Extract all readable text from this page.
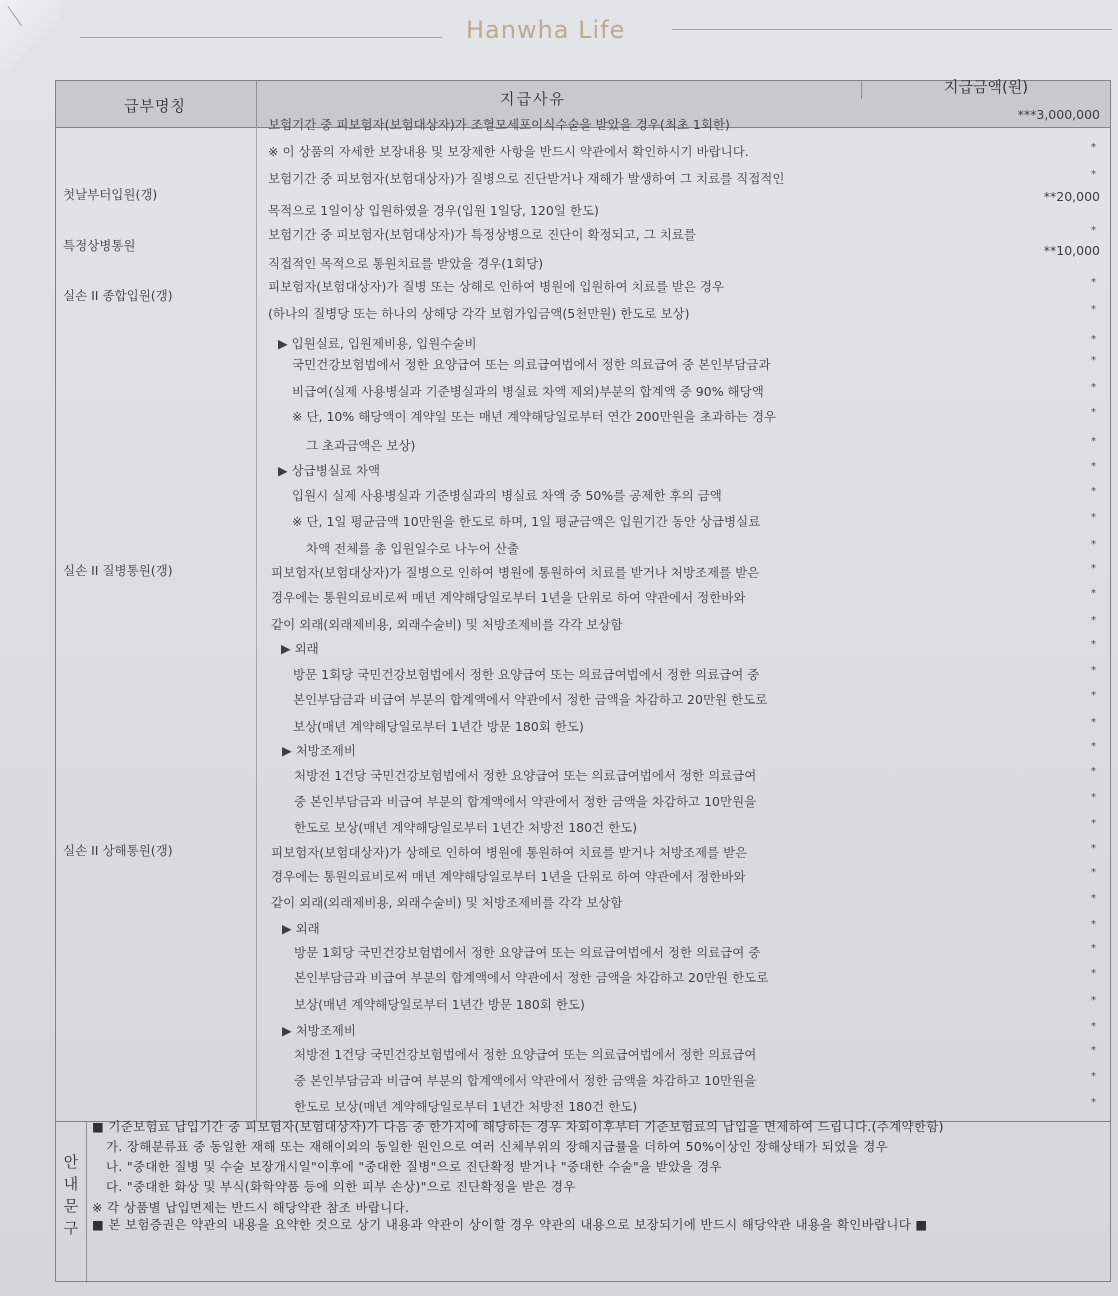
Hanwha Life
급부명칭	지급사유
지급금액(원)
첫날부터입원(갱)
특정상병통원
실손 II 종합입원(갱)
실손 II 질병통원(갱)
실손 II 상해통원(갱)
***3,000,000
**20,000
**10,000
보험기간 중 피보험자(보험대상자)가 조혈모세포이식수술을 받았을 경우(최초 1회한)
※ 이 상품의 자세한 보장내용 및 보장제한 사항을 반드시 약관에서 확인하시기 바랍니다.
보험기간 중 피보험자(보험대상자)가 질병으로 진단받거나 재해가 발생하여 그 치료를 직접적인
목적으로 1일이상 입원하였을 경우(입원 1일당, 120일 한도)
보험기간 중 피보험자(보험대상자)가 특정상병으로 진단이 확정되고, 그 치료를
직접적인 목적으로 통원치료를 받았을 경우(1회당)
피보험자(보험대상자)가 질병 또는 상해로 인하여 병원에 입원하여 치료를 받은 경우
(하나의 질병당 또는 하나의 상해당 각각 보험가입금액(5천만원) 한도로 보상)
▶ 입원실료, 입원제비용, 입원수술비
국민건강보험법에서 정한 요양급여 또는 의료급여법에서 정한 의료급여 중 본인부담금과
비급여(실제 사용병실과 기준병실과의 병실료 차액 제외)부분의 합계액 중 90% 해당액
※ 단, 10% 해당액이 계약일 또는 매년 계약해당일로부터 연간 200만원을 초과하는 경우
그 초과금액은 보상)
▶ 상급병실료 차액
입원시 실제 사용병실과 기준병실과의 병실료 차액 중 50%를 공제한 후의 금액
※ 단, 1일 평균금액 10만원을 한도로 하며, 1일 평균금액은 입원기간 동안 상급병실료
차액 전체를 총 입원일수로 나누어 산출
피보험자(보험대상자)가 질병으로 인하여 병원에 통원하여 치료를 받거나 처방조제를 받은
경우에는 통원의료비로써 매년 계약해당일로부터 1년을 단위로 하여 약관에서 정한바와
같이 외래(외래제비용, 외래수술비) 및 처방조제비를 각각 보상함
▶ 외래
방문 1회당 국민건강보험법에서 정한 요양급여 또는 의료급여법에서 정한 의료급여 중
본인부담금과 비급여 부분의 합계액에서 약관에서 정한 금액을 차감하고 20만원 한도로
보상(매년 계약해당일로부터 1년간 방문 180회 한도)
▶ 처방조제비
처방전 1건당 국민건강보험법에서 정한 요양급여 또는 의료급여법에서 정한 의료급여
중 본인부담금과 비급여 부분의 합계액에서 약관에서 정한 금액을 차감하고 10만원을
한도로 보상(매년 계약해당일로부터 1년간 처방전 180건 한도)
피보험자(보험대상자)가 상해로 인하여 병원에 통원하여 치료를 받거나 처방조제를 받은
경우에는 통원의료비로써 매년 계약해당일로부터 1년을 단위로 하여 약관에서 정한바와
같이 외래(외래제비용, 외래수술비) 및 처방조제비를 각각 보상함
▶ 외래
방문 1회당 국민건강보험법에서 정한 요양급여 또는 의료급여법에서 정한 의료급여 중
본인부담금과 비급여 부분의 합계액에서 약관에서 정한 금액을 차감하고 20만원 한도로
보상(매년 계약해당일로부터 1년간 방문 180회 한도)
▶ 처방조제비
처방전 1건당 국민건강보험법에서 정한 요양급여 또는 의료급여법에서 정한 의료급여
중 본인부담금과 비급여 부분의 합계액에서 약관에서 정한 금액을 차감하고 10만원을
한도로 보상(매년 계약해당일로부터 1년간 처방전 180건 한도)
안내문구
■ 기준보험료 납입기간 중 피보험자(보험대상자)가 다음 중 한가지에 해당하는 경우 차회이후부터 기준보험료의 납입을 면제하여 드립니다.(주계약한함)
가. 장해분류표 중 동일한 재해 또는 재해이외의 동일한 원인으로 여러 신체부위의 장해지급률을 더하여 50%이상인 장해상태가 되었을 경우
나. "중대한 질병 및 수술 보장개시일"이후에 "중대한 질병"으로 진단확정 받거나 "중대한 수술"을 받았을 경우
다. "중대한 화상 및 부식(화학약품 등에 의한 피부 손상)"으로 진단확정을 받은 경우
※ 각 상품별 납입면제는 반드시 해당약관 참조 바랍니다.
■ 본 보험증권은 약관의 내용을 요약한 것으로 상기 내용과 약관이 상이할 경우 약관의 내용으로 보장되기에 반드시 해당약관 내용을 확인바랍니다 ■
*
*
*
*
*
*
*
*
*
*
*
*
*
*
*
*
*
*
*
*
*
*
*
*
*
*
*
*
*
*
*
*
*
*
*
*
